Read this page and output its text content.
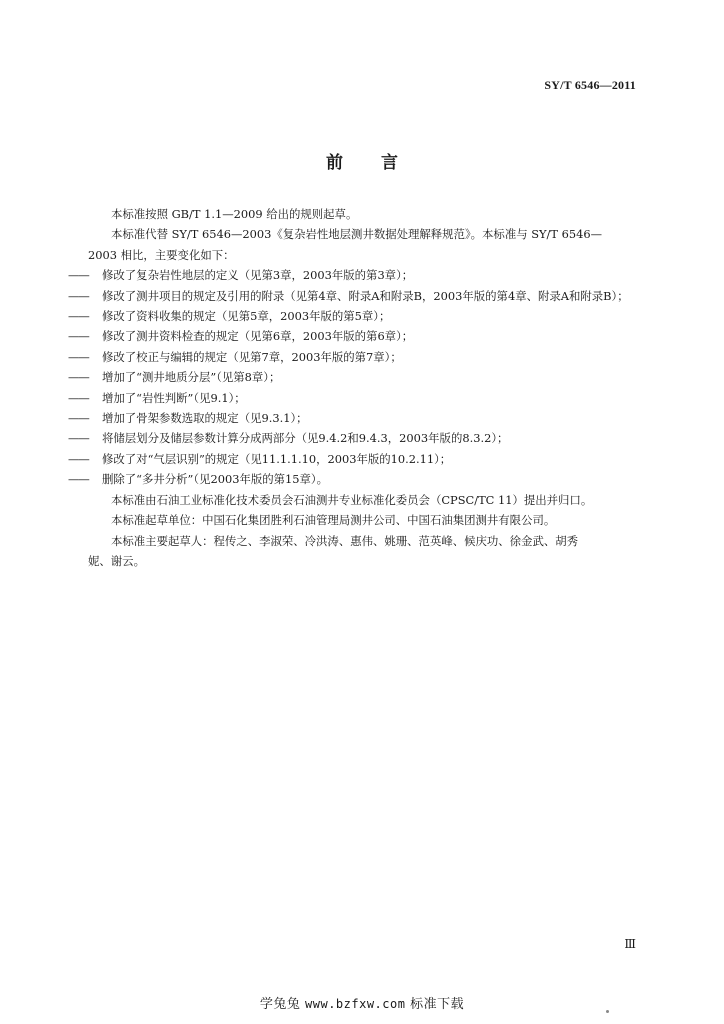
SY/T 6546—2011
前言

本标准按照 GB/T 1.1—2009 给出的规则起草。

本标准代替 SY/T 6546—2003《复杂岩性地层测井数据处理解释规范》。本标准与 SY/T 6546—

2003 相比，主要变化如下：

—— 修改了复杂岩性地层的定义（见第3章，2003年版的第3章）；

—— 修改了测井项目的规定及引用的附录（见第4章、附录A和附录B，2003年版的第4章、附录A和附录B）；

—— 修改了资料收集的规定（见第5章，2003年版的第5章）；

—— 修改了测井资料检查的规定（见第6章，2003年版的第6章）；

—— 修改了校正与编辑的规定（见第7章，2003年版的第7章）；

—— 增加了“测井地质分层”（见第8章）；

—— 增加了“岩性判断”（见9.1）；

—— 增加了骨架参数选取的规定（见9.3.1）；

—— 将储层划分及储层参数计算分成两部分（见9.4.2和9.4.3，2003年版的8.3.2）；

—— 修改了对“气层识别”的规定（见11.1.1.10，2003年版的10.2.11）；

—— 删除了“多井分析”（见2003年版的第15章）。

本标准由石油工业标准化技术委员会石油测井专业标准化委员会（CPSC/TC 11）提出并归口。

本标准起草单位：中国石化集团胜利石油管理局测井公司、中国石油集团测井有限公司。

本标准主要起草人：程传之、李淑荣、冷洪涛、惠伟、姚珊、范英峰、候庆功、徐金武、胡秀

妮、谢云。

Ⅲ
学兔兔 www.bzfxw.com 标准下载
